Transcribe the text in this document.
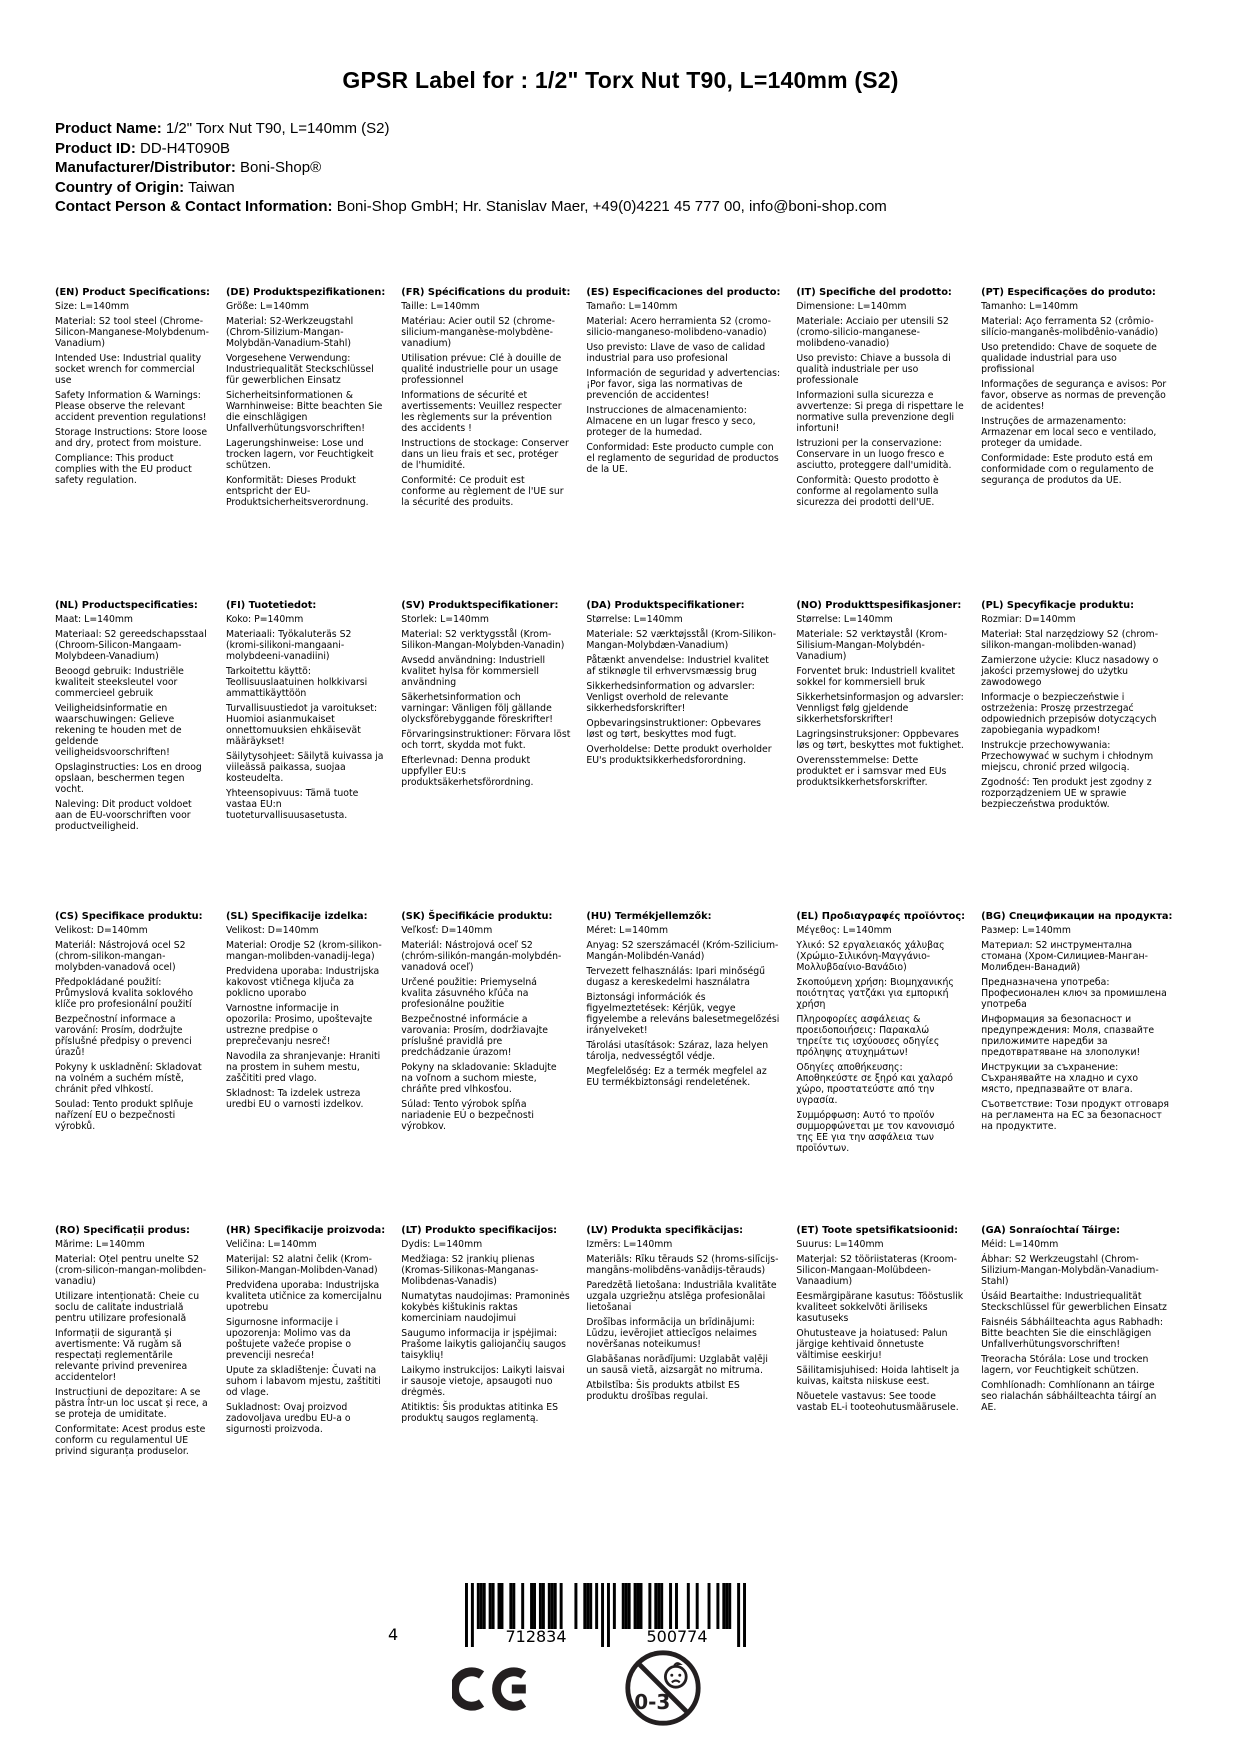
GPSR Label for : 1/2" Torx Nut T90, L=140mm (S2)
Product Name: 1/2" Torx Nut T90, L=140mm (S2)
Product ID: DD-H4T090B
Manufacturer/Distributor: Boni-Shop®
Country of Origin: Taiwan
Contact Person & Contact Information: Boni-Shop GmbH; Hr. Stanislav Maer, +49(0)4221 45 777 00, info@boni-shop.com
(EN) Product Specifications:

Size: L=140mm

Material: S2 tool steel (Chrome-Silicon-Manganese-Molybdenum-Vanadium)

Intended Use: Industrial quality socket wrench for commercial use

Safety Information & Warnings: Please observe the relevant accident prevention regulations!

Storage Instructions: Store loose and dry, protect from moisture.

Compliance: This product complies with the EU product safety regulation.

(DE) Produktspezifikationen:

Größe: L=140mm

Material: S2-Werkzeugstahl (Chrom-Silizium-Mangan-Molybdän-Vanadium-Stahl)

Vorgesehene Verwendung: Industriequalität Steckschlüssel für gewerblichen Einsatz

Sicherheitsinformationen & Warnhinweise: Bitte beachten Sie die einschlägigen Unfallverhütungsvorschriften!

Lagerungshinweise: Lose und trocken lagern, vor Feuchtigkeit schützen.

Konformität: Dieses Produkt entspricht der EU-Produktsicherheitsverordnung.

(FR) Spécifications du produit:

Taille: L=140mm

Matériau: Acier outil S2 (chrome-silicium-manganèse-molybdène-vanadium)

Utilisation prévue: Clé à douille de qualité industrielle pour un usage professionnel

Informations de sécurité et avertissements: Veuillez respecter les règlements sur la prévention des accidents !

Instructions de stockage: Conserver dans un lieu frais et sec, protéger de l'humidité.

Conformité: Ce produit est conforme au règlement de l'UE sur la sécurité des produits.

(ES) Especificaciones del producto:

Tamaño: L=140mm

Material: Acero herramienta S2 (cromo-silicio-manganeso-molibdeno-vanadio)

Uso previsto: Llave de vaso de calidad industrial para uso profesional

Información de seguridad y advertencias: ¡Por favor, siga las normativas de prevención de accidentes!

Instrucciones de almacenamiento: Almacene en un lugar fresco y seco, proteger de la humedad.

Conformidad: Este producto cumple con el reglamento de seguridad de productos de la UE.

(IT) Specifiche del prodotto:

Dimensione: L=140mm

Materiale: Acciaio per utensili S2 (cromo-silicio-manganese-molibdeno-vanadio)

Uso previsto: Chiave a bussola di qualità industriale per uso professionale

Informazioni sulla sicurezza e avvertenze: Si prega di rispettare le normative sulla prevenzione degli infortuni!

Istruzioni per la conservazione: Conservare in un luogo fresco e asciutto, proteggere dall'umidità.

Conformità: Questo prodotto è conforme al regolamento sulla sicurezza dei prodotti dell'UE.

(PT) Especificações do produto:

Tamanho: L=140mm

Material: Aço ferramenta S2 (crômio-silício-manganês-molibdênio-vanádio)

Uso pretendido: Chave de soquete de qualidade industrial para uso profissional

Informações de segurança e avisos: Por favor, observe as normas de prevenção de acidentes!

Instruções de armazenamento: Armazenar em local seco e ventilado, proteger da umidade.

Conformidade: Este produto está em conformidade com o regulamento de segurança de produtos da UE.

(NL) Productspecificaties:

Maat: L=140mm

Materiaal: S2 gereedschapsstaal (Chroom-Silicon-Mangaam-Molybdeen-Vanadium)

Beoogd gebruik: Industriële kwaliteit steeksleutel voor commercieel gebruik

Veiligheidsinformatie en waarschuwingen: Gelieve rekening te houden met de geldende veiligheidsvoorschriften!

Opslaginstructies: Los en droog opslaan, beschermen tegen vocht.

Naleving: Dit product voldoet aan de EU-voorschriften voor productveiligheid.

(FI) Tuotetiedot:

Koko: P=140mm

Materiaali: Työkaluteräs S2 (kromi-silikoni-mangaani-molybdeeni-vanadiini)

Tarkoitettu käyttö: Teollisuuslaatuinen holkkivarsi ammattikäyttöön

Turvallisuustiedot ja varoitukset: Huomioi asianmukaiset onnettomuuksien ehkäisevät määräykset!

Säilytysohjeet: Säilytä kuivassa ja viileässä paikassa, suojaa kosteudelta.

Yhteensopivuus: Tämä tuote vastaa EU:n tuoteturvallisuusasetusta.

(SV) Produktspecifikationer:

Storlek: L=140mm

Material: S2 verktygsstål (Krom-Silikon-Mangan-Molybden-Vanadin)

Avsedd användning: Industriell kvalitet hylsa för kommersiell användning

Säkerhetsinformation och varningar: Vänligen följ gällande olycksförebyggande föreskrifter!

Förvaringsinstruktioner: Förvara löst och torrt, skydda mot fukt.

Efterlevnad: Denna produkt uppfyller EU:s produktsäkerhetsförordning.

(DA) Produktspecifikationer:

Størrelse: L=140mm

Materiale: S2 værktøjsstål (Krom-Silikon-Mangan-Molybdæn-Vanadium)

Påtænkt anvendelse: Industriel kvalitet af stiknøgle til erhvervsmæssig brug

Sikkerhedsinformation og advarsler: Venligst overhold de relevante sikkerhedsforskrifter!

Opbevaringsinstruktioner: Opbevares løst og tørt, beskyttes mod fugt.

Overholdelse: Dette produkt overholder EU's produktsikkerhedsforordning.

(NO) Produkttspesifikasjoner:

Størrelse: L=140mm

Materiale: S2 verktøystål (Krom-Silisium-Mangan-Molybdén-Vanadium)

Forventet bruk: Industriell kvalitet sokkel for kommersiell bruk

Sikkerhetsinformasjon og advarsler: Vennligst følg gjeldende sikkerhetsforskrifter!

Lagringsinstruksjoner: Oppbevares løs og tørt, beskyttes mot fuktighet.

Overensstemmelse: Dette produktet er i samsvar med EUs produktsikkerhetsforskrifter.

(PL) Specyfikacje produktu:

Rozmiar: D=140mm

Materiał: Stal narzędziowy S2 (chrom-silikon-mangan-molibden-wanad)

Zamierzone użycie: Klucz nasadowy o jakości przemysłowej do użytku zawodowego

Informacje o bezpieczeństwie i ostrzeżenia: Proszę przestrzegać odpowiednich przepisów dotyczących zapobiegania wypadkom!

Instrukcje przechowywania: Przechowywać w suchym i chłodnym miejscu, chronić przed wilgocią.

Zgodność: Ten produkt jest zgodny z rozporządzeniem UE w sprawie bezpieczeństwa produktów.

(CS) Specifikace produktu:

Velikost: D=140mm

Materiál: Nástrojová ocel S2 (chrom-silikon-mangan-molybden-vanadová ocel)

Předpokládané použití: Průmyslová kvalita soklového klíče pro profesionální použití

Bezpečnostní informace a varování: Prosím, dodržujte příslušné předpisy o prevenci úrazů!

Pokyny k uskladnění: Skladovat na volném a suchém místě, chránit před vlhkostí.

Soulad: Tento produkt splňuje nařízení EU o bezpečnosti výrobků.

(SL) Specifikacije izdelka:

Velikost: D=140mm

Material: Orodje S2 (krom-silikon-mangan-molibden-vanadij-lega)

Predvidena uporaba: Industrijska kakovost vtičnega ključa za poklicno uporabo

Varnostne informacije in opozorila: Prosimo, upoštevajte ustrezne predpise o preprečevanju nesreč!

Navodila za shranjevanje: Hraniti na prostem in suhem mestu, zaščititi pred vlago.

Skladnost: Ta izdelek ustreza uredbi EU o varnosti izdelkov.

(SK) Špecifikácie produktu:

Veľkosť: D=140mm

Materiál: Nástrojová oceľ S2 (chróm-silikón-mangán-molybdén-vanadová oceľ)

Určené použitie: Priemyselná kvalita zásuvného kľúča na profesionálne použitie

Bezpečnostné informácie a varovania: Prosím, dodržiavajte príslušné pravidlá pre predchádzanie úrazom!

Pokyny na skladovanie: Skladujte na voľnom a suchom mieste, chráňte pred vlhkosťou.

Súlad: Tento výrobok spĺňa nariadenie EÚ o bezpečnosti výrobkov.

(HU) Termékjellemzők:

Méret: L=140mm

Anyag: S2 szerszámacél (Króm-Szilicium-Mangán-Molibdén-Vanád)

Tervezett felhasználás: Ipari minőségű dugasz a kereskedelmi használatra

Biztonsági információk és figyelmeztetések: Kérjük, vegye figyelembe a releváns balesetmegelőzési irányelveket!

Tárolási utasítások: Száraz, laza helyen tárolja, nedvességtől védje.

Megfelelőség: Ez a termék megfelel az EU termékbiztonsági rendeletének.

(EL) Προδιαγραφές προϊόντος:

Μέγεθος: L=140mm

Υλικό: S2 εργαλειακός χάλυβας (Χρώμιο-Σιλικόνη-Μαγγάνιο-Μολλυβδαίνιο-Βανάδιο)

Σκοπούμενη χρήση: Βιομηχανικής ποιότητας γατζάκι για εμπορική χρήση

Πληροφορίες ασφάλειας & προειδοποιήσεις: Παρακαλώ τηρείτε τις ισχύουσες οδηγίες πρόληψης ατυχημάτων!

Οδηγίες αποθήκευσης: Αποθηκεύστε σε ξηρό και χαλαρό χώρο, προστατεύστε από την υγρασία.

Συμμόρφωση: Αυτό το προϊόν συμμορφώνεται με τον κανονισμό της ΕΕ για την ασφάλεια των προϊόντων.

(BG) Спецификации на продукта:

Размер: L=140mm

Материал: S2 инструментална стомана (Хром-Силициев-Манган-Молибден-Ванадий)

Предназначена употреба: Професионален ключ за промишлена употреба

Информация за безопасност и предупреждения: Моля, спазвайте приложимите наредби за предотвратяване на злополуки!

Инструкции за съхранение: Съхранявайте на хладно и сухо място, предпазвайте от влага.

Съответствие: Този продукт отговаря на регламента на ЕС за безопасност на продуктите.

(RO) Specificații produs:

Mărime: L=140mm

Material: Oțel pentru unelte S2 (crom-silicon-mangan-molibden-vanadiu)

Utilizare intenționată: Cheie cu soclu de calitate industrială pentru utilizare profesională

Informații de siguranță și avertismente: Vă rugăm să respectați reglementările relevante privind prevenirea accidentelor!

Instrucțiuni de depozitare: A se păstra într-un loc uscat și rece, a se proteja de umiditate.

Conformitate: Acest produs este conform cu regulamentul UE privind siguranța produselor.

(HR) Specifikacije proizvoda:

Veličina: L=140mm

Materijal: S2 alatni čelik (Krom-Silikon-Mangan-Molibden-Vanad)

Predviđena uporaba: Industrijska kvaliteta utičnice za komercijalnu upotrebu

Sigurnosne informacije i upozorenja: Molimo vas da poštujete važeće propise o prevenciji nesreća!

Upute za skladištenje: Čuvati na suhom i labavom mjestu, zaštititi od vlage.

Sukladnost: Ovaj proizvod zadovoljava uredbu EU-a o sigurnosti proizvoda.

(LT) Produkto specifikacijos:

Dydis: L=140mm

Medžiaga: S2 įrankių plienas (Kromas-Silikonas-Manganas-Molibdenas-Vanadis)

Numatytas naudojimas: Pramoninės kokybės kištukinis raktas komerciniam naudojimui

Saugumo informacija ir įspėjimai: Prašome laikytis galiojančių saugos taisyklių!

Laikymo instrukcijos: Laikyti laisvai ir sausoje vietoje, apsaugoti nuo drėgmės.

Atitiktis: Šis produktas atitinka ES produktų saugos reglamentą.

(LV) Produkta specifikācijas:

Izmērs: L=140mm

Materiāls: Rīku tērauds S2 (hroms-silīcijs-mangāns-molibdēns-vanādijs-tērauds)

Paredzētā lietošana: Industriāla kvalitāte uzgala uzgriežņu atslēga profesionālai lietošanai

Drošības informācija un brīdinājumi: Lūdzu, ievērojiet attiecīgos nelaimes novēršanas noteikumus!

Glabāšanas norādījumi: Uzglabāt vaļēji un sausā vietā, aizsargāt no mitruma.

Atbilstība: Šis produkts atbilst ES produktu drošības regulai.

(ET) Toote spetsifikatsioonid:

Suurus: L=140mm

Materjal: S2 tööriistateras (Kroom-Silicon-Mangaan-Molübdeen-Vanaadium)

Eesmärgipärane kasutus: Tööstuslik kvaliteet sokkelvõti äriliseks kasutuseks

Ohutusteave ja hoiatused: Palun järgige kehtivaid õnnetuste vältimise eeskirju!

Säilitamisjuhised: Hoida lahtiselt ja kuivas, kaitsta niiskuse eest.

Nõuetele vastavus: See toode vastab EL-i tooteohutusmäärusele.

(GA) Sonraíochtaí Táirge:

Méid: L=140mm

Ábhar: S2 Werkzeugstahl (Chrom-Silizium-Mangan-Molybdän-Vanadium-Stahl)

Úsáid Beartaithe: Industriequalität Steckschlüssel für gewerblichen Einsatz

Faisnéis Sábháilteachta agus Rabhadh: Bitte beachten Sie die einschlägigen Unfallverhütungsvorschriften!

Treoracha Stórála: Lose und trocken lagern, vor Feuchtigkeit schützen.

Comhlíonadh: Comhlíonann an táirge seo rialachán sábháilteachta táirgí an AE.

4	712834	500774
0-3
